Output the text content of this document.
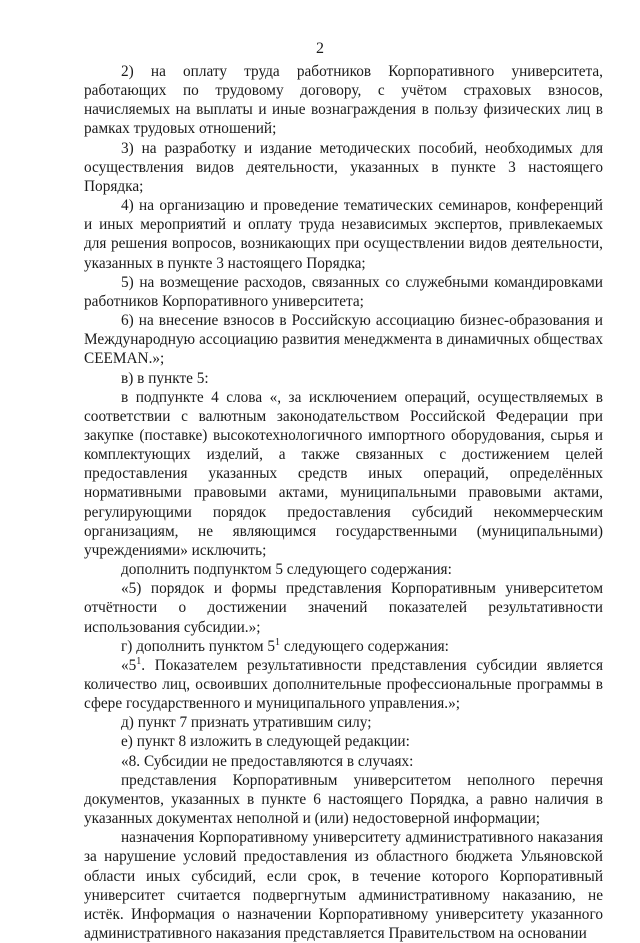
2

2) на оплату труда работников Корпоративного университета, работающих по трудовому договору, с учётом страховых взносов, начисляемых на выплаты и иные вознаграждения в пользу физических лиц в рамках трудовых отношений;

3) на разработку и издание методических пособий, необходимых для осуществления видов деятельности, указанных в пункте 3 настоящего Порядка;

4) на организацию и проведение тематических семинаров, конференций и иных мероприятий и оплату труда независимых экспертов, привлекаемых для решения вопросов, возникающих при осуществлении видов деятельности, указанных в пункте 3 настоящего Порядка;

5) на возмещение расходов, связанных со служебными командировками работников Корпоративного университета;

6) на внесение взносов в Российскую ассоциацию бизнес-образования и Международную ассоциацию развития менеджмента в динамичных обществах CEEMAN.»;

в) в пункте 5:

в подпункте 4 слова «, за исключением операций, осуществляемых в соответствии с валютным законодательством Российской Федерации при закупке (поставке) высокотехнологичного импортного оборудования, сырья и комплектующих изделий, а также связанных с достижением целей предоставления указанных средств иных операций, определённых нормативными правовыми актами, муниципальными правовыми актами, регулирующими порядок предоставления субсидий некоммерческим организациям, не являющимся государственными (муниципальными) учреждениями» исключить;

дополнить подпунктом 5 следующего содержания:

«5) порядок и формы представления Корпоративным университетом отчётности о достижении значений показателей результативности использования субсидии.»;

г) дополнить пунктом $5^1$ следующего содержания:

«$5^1$. Показателем результативности представления субсидии является количество лиц, освоивших дополнительные профессиональные программы в сфере государственного и муниципального управления.»;

д) пункт 7 признать утратившим силу;

е) пункт 8 изложить в следующей редакции:

«8. Субсидии не предоставляются в случаях:

представления Корпоративным университетом неполного перечня документов, указанных в пункте 6 настоящего Порядка, а равно наличия в указанных документах неполной и (или) недостоверной информации;

назначения Корпоративному университету административного наказания за нарушение условий предоставления из областного бюджета Ульяновской области иных субсидий, если срок, в течение которого Корпоративный университет считается подвергнутым административному наказанию, не истёк. Информация о назначении Корпоративному университету указанного административного наказания представляется Правительством на основании
